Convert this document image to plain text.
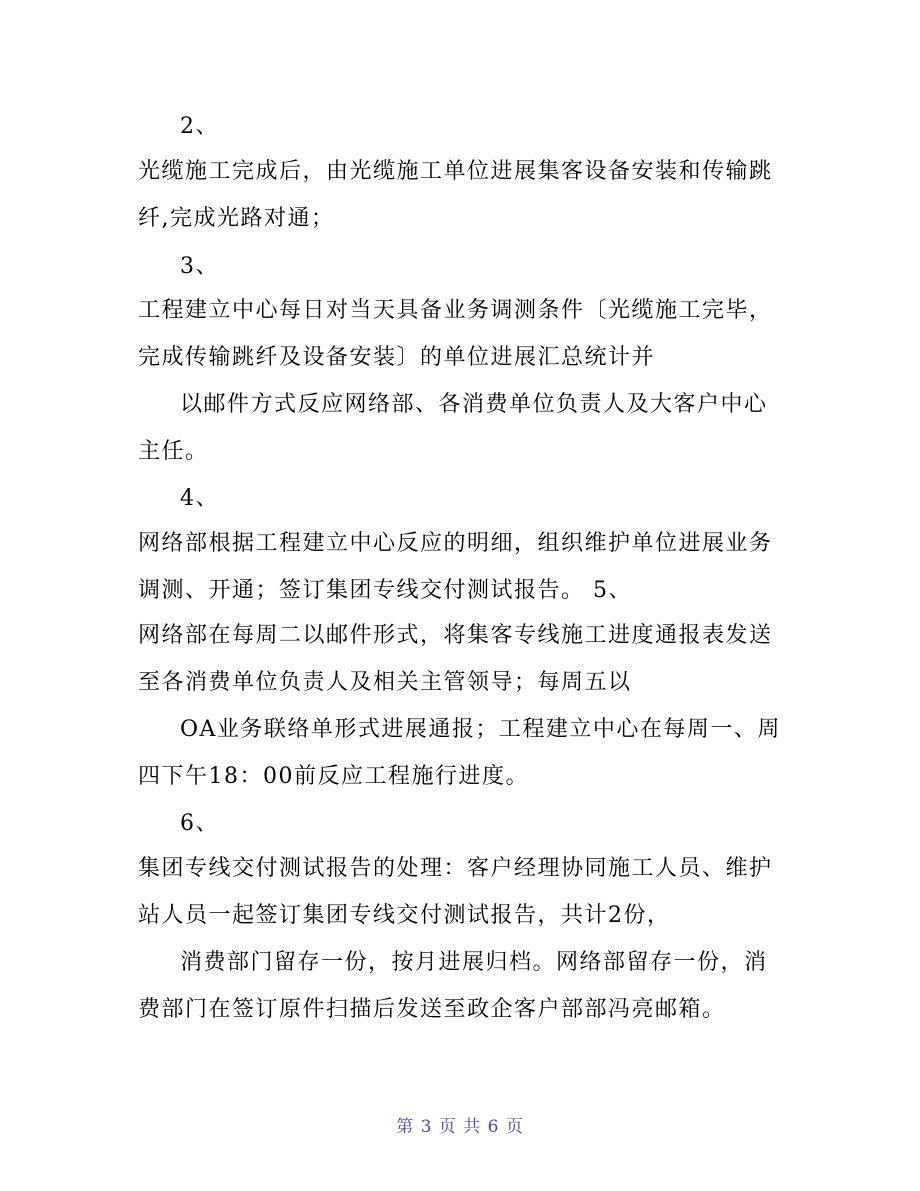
2、
光缆施工完成后，由光缆施工单位进展集客设备安装和传输跳
纤,完成光路对通；
3、
工程建立中心每日对当天具备业务调测条件〔光缆施工完毕，
完成传输跳纤及设备安装〕的单位进展汇总统计并
以邮件方式反应网络部、各消费单位负责人及大客户中心
主任。
4、
网络部根据工程建立中心反应的明细，组织维护单位进展业务
调测、开通；签订集团专线交付测试报告。 5、
网络部在每周二以邮件形式，将集客专线施工进度通报表发送
至各消费单位负责人及相关主管领导；每周五以
OA业务联络单形式进展通报；工程建立中心在每周一、周
四下午18：00前反应工程施行进度。
6、
集团专线交付测试报告的处理：客户经理协同施工人员、维护
站人员一起签订集团专线交付测试报告，共计2份，
消费部门留存一份，按月进展归档。网络部留存一份，消
费部门在签订原件扫描后发送至政企客户部部冯亮邮箱。
第 3 页 共 6 页
